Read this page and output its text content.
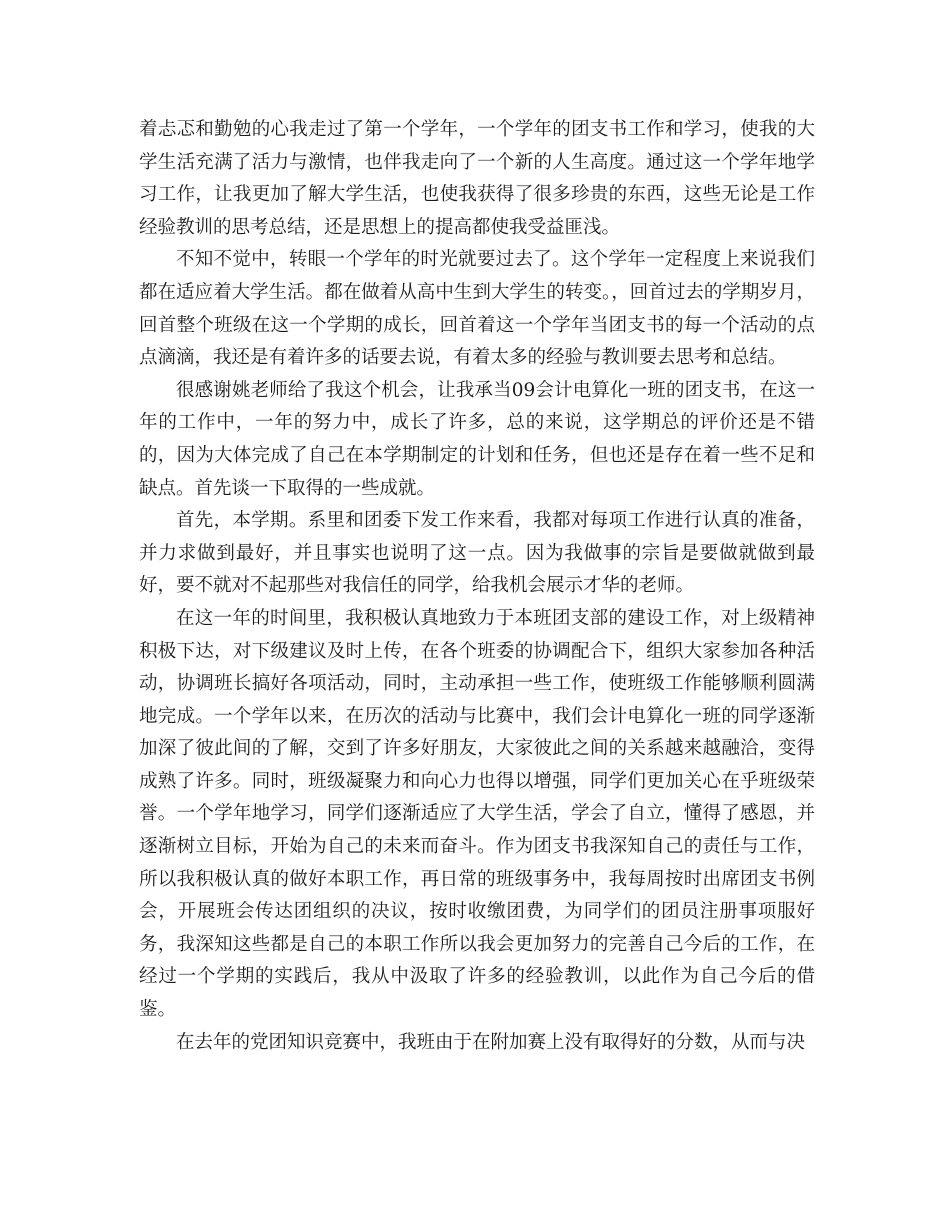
着忐忑和勤勉的心我走过了第一个学年，一个学年的团支书工作和学习，使我的大学生活充满了活力与激情，也伴我走向了一个新的人生高度。通过这一个学年地学习工作，让我更加了解大学生活，也使我获得了很多珍贵的东西，这些无论是工作经验教训的思考总结，还是思想上的提高都使我受益匪浅。

不知不觉中，转眼一个学年的时光就要过去了。这个学年一定程度上来说我们都在适应着大学生活。都在做着从高中生到大学生的转变。，回首过去的学期岁月，回首整个班级在这一个学期的成长，回首着这一个学年当团支书的每一个活动的点点滴滴，我还是有着许多的话要去说，有着太多的经验与教训要去思考和总结。

很感谢姚老师给了我这个机会，让我承当09会计电算化一班的团支书，在这一年的工作中，一年的努力中，成长了许多，总的来说，这学期总的评价还是不错的，因为大体完成了自己在本学期制定的计划和任务，但也还是存在着一些不足和缺点。首先谈一下取得的一些成就。

首先，本学期。系里和团委下发工作来看，我都对每项工作进行认真的准备，并力求做到最好，并且事实也说明了这一点。因为我做事的宗旨是要做就做到最好，要不就对不起那些对我信任的同学，给我机会展示才华的老师。

在这一年的时间里，我积极认真地致力于本班团支部的建设工作，对上级精神积极下达，对下级建议及时上传，在各个班委的协调配合下，组织大家参加各种活动，协调班长搞好各项活动，同时，主动承担一些工作，使班级工作能够顺利圆满地完成。一个学年以来，在历次的活动与比赛中，我们会计电算化一班的同学逐渐加深了彼此间的了解，交到了许多好朋友，大家彼此之间的关系越来越融洽，变得成熟了许多。同时，班级凝聚力和向心力也得以增强，同学们更加关心在乎班级荣誉。一个学年地学习，同学们逐渐适应了大学生活，学会了自立，懂得了感恩，并逐渐树立目标，开始为自己的未来而奋斗。作为团支书我深知自己的责任与工作，所以我积极认真的做好本职工作，再日常的班级事务中，我每周按时出席团支书例会，开展班会传达团组织的决议，按时收缴团费，为同学们的团员注册事项服好务，我深知这些都是自己的本职工作所以我会更加努力的完善自己今后的工作，在经过一个学期的实践后，我从中汲取了许多的经验教训，以此作为自己今后的借鉴。

在去年的党团知识竞赛中，我班由于在附加赛上没有取得好的分数，从而与决
